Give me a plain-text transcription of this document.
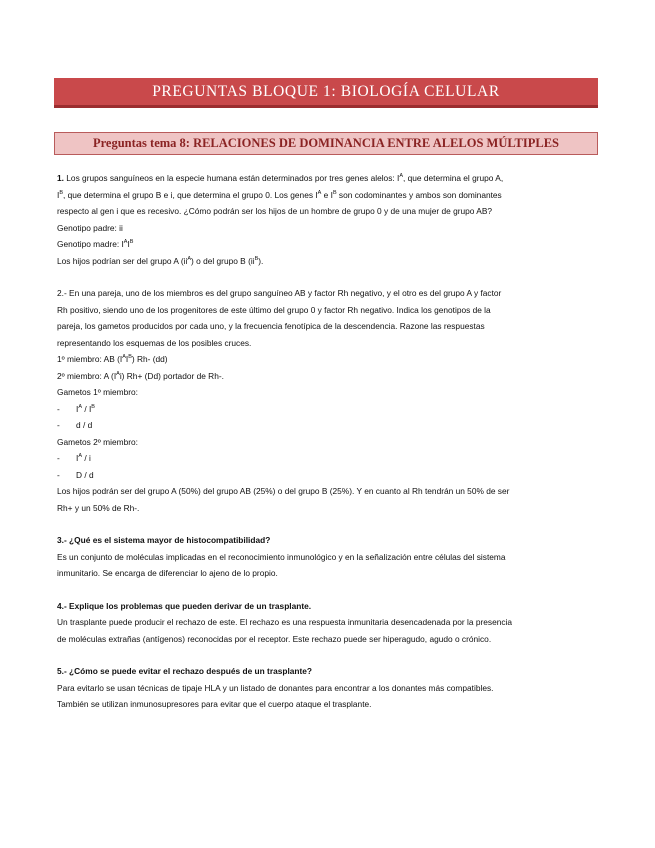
PREGUNTAS BLOQUE 1: BIOLOGÍA CELULAR
Preguntas tema 8: RELACIONES DE DOMINANCIA ENTRE ALELOS MÚLTIPLES

1. Los grupos sanguíneos en la especie humana están determinados por tres genes alelos: $I^A$, que determina el grupo A,

$I^B$, que determina el grupo B e i, que determina el grupo 0. Los genes $I^A$ e $I^B$ son codominantes y ambos son dominantes

respecto al gen i que es recesivo. ¿Cómo podrán ser los hijos de un hombre de grupo 0 y de una mujer de grupo AB?

Genotipo padre: ii

Genotipo madre: $I^AI^B$

Los hijos podrían ser del grupo A $(ii^A)$ o del grupo B $(ii^B)$.

2.- En una pareja, uno de los miembros es del grupo sanguíneo AB y factor Rh negativo, y el otro es del grupo A y factor

Rh positivo, siendo uno de los progenitores de este último del grupo 0 y factor Rh negativo. Indica los genotipos de la

pareja, los gametos producidos por cada uno, y la frecuencia fenotípica de la descendencia. Razone las respuestas

representando los esquemas de los posibles cruces.

1º miembro: AB $(I^AI^B)$ Rh- (dd)

2º miembro: A $(I^Ai)$ Rh+ (Dd) portador de Rh-.

Gametos 1º miembro:

-	$I^A / I^B$
-	d / d

Gametos 2º miembro:

-	$I^A$ / i
-	D / d

Los hijos podrán ser del grupo A (50%) del grupo AB (25%) o del grupo B (25%). Y en cuanto al Rh tendrán un 50% de ser

Rh+ y un 50% de Rh-.

3.- ¿Qué es el sistema mayor de histocompatibilidad?

Es un conjunto de moléculas implicadas en el reconocimiento inmunológico y en la señalización entre células del sistema

inmunitario. Se encarga de diferenciar lo ajeno de lo propio.

4.- Explique los problemas que pueden derivar de un trasplante.

Un trasplante puede producir el rechazo de este. El rechazo es una respuesta inmunitaria desencadenada por la presencia

de moléculas extrañas (antígenos) reconocidas por el receptor. Este rechazo puede ser hiperagudo, agudo o crónico.

5.- ¿Cómo se puede evitar el rechazo después de un trasplante?

Para evitarlo se usan técnicas de tipaje HLA y un listado de donantes para encontrar a los donantes más compatibles.

También se utilizan inmunosupresores para evitar que el cuerpo ataque el trasplante.
